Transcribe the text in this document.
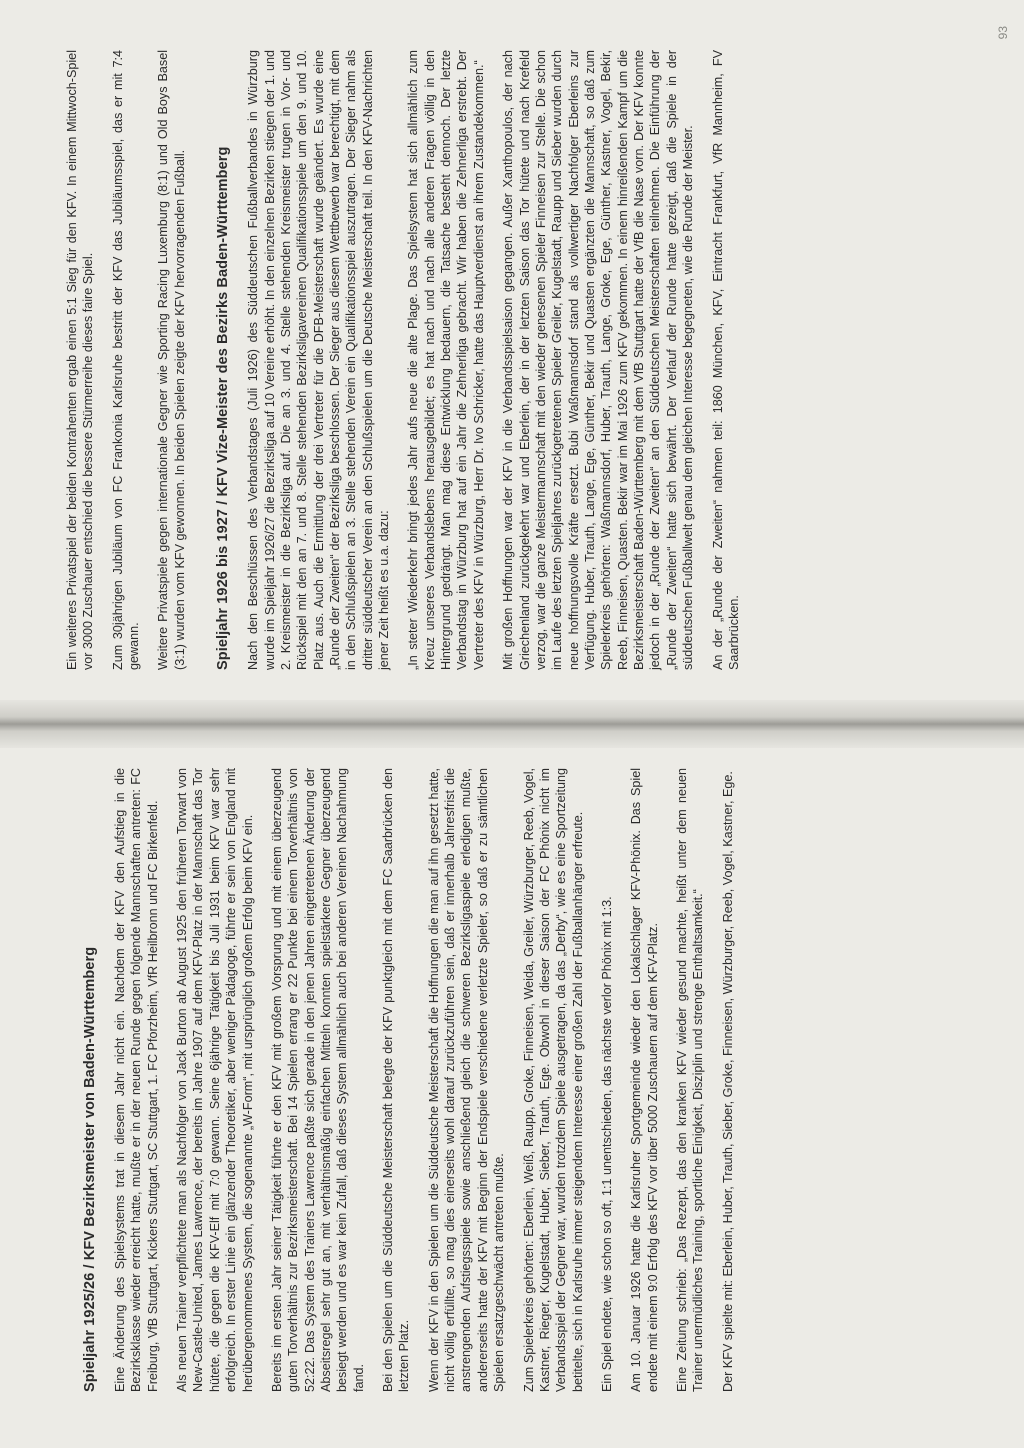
Spieljahr 1925/26 / KFV Bezirksmeister von Baden-Württemberg Eine Änderung des Spielsystems trat in diesem Jahr nicht ein. Nachdem der KFV den Aufstieg in die Bezirksklasse wieder erreicht hatte, mußte er in der neuen Runde gegen folgende Mannschaften antreten: FC Freiburg, VfB Stuttgart, Kickers Stuttgart, SC Stuttgart, 1. FC Pforzheim, VfR Heilbronn und FC Birkenfeld. Als neuen Trainer verpflichtete man als Nachfolger von Jack Burton ab August 1925 den früheren Torwart von New-Castle-United, James Lawrence, der bereits im Jahre 1907 auf dem KFV-Platz in der Mannschaft das Tor hütete, die gegen die KFV-Elf mit 7:0 gewann. Seine 6jährige Tätigkeit bis Juli 1931 beim KFV war sehr erfolgreich. In erster Linie ein glänzender Theoretiker, aber weniger Pädagoge, führte er sein von England mit herübergenommenes System, die sogenannte „W-Form“, mit ursprünglich großem Erfolg beim KFV ein. Bereits im ersten Jahr seiner Tätigkeit führte er den KFV mit großem Vorsprung und mit einem überzeugend guten Torverhältnis zur Bezirksmeisterschaft. Bei 14 Spielen errang er 22 Punkte bei einem Torverhältnis von 52:22. Das System des Trainers Lawrence paßte sich gerade in den jenen Jahren eingetretenen Änderung der Abseitsregel sehr gut an, mit verhältnismäßig einfachen Mitteln konnten spielstärkere Gegner überzeugend besiegt werden und es war kein Zufall, daß dieses System allmählich auch bei anderen Vereinen Nachahmung fand. Bei den Spielen um die Süddeutsche Meisterschaft belegte der KFV punktgleich mit dem FC Saarbrücken den letzten Platz. Wenn der KFV in den Spielen um die Süddeutsche Meisterschaft die Hoffnungen die man auf ihn gesetzt hatte, nicht völlig erfüllte, so mag dies einerseits wohl darauf zurückzuführen sein, daß er innerhalb Jahresfrist die anstrengenden Aufstiegsspiele sowie anschließend gleich die schweren Bezirksligaspiele erledigen mußte, andererseits hatte der KFV mit Beginn der Endspiele verschiedene verletzte Spieler, so daß er zu sämtlichen Spielen ersatzgeschwächt antreten mußte. Zum Spielerkreis gehörten: Eberlein, Weiß, Raupp, Groke, Finneisen, Weida, Greiler, Würzburger, Reeb, Vogel, Kastner, Rieger, Kugelstadt, Huber, Sieber, Trauth, Ege. Obwohl in dieser Saison der FC Phönix nicht im Verbandsspiel der Gegner war, wurden trotzdem Spiele ausgetragen, da das „Derby“, wie es eine Sportzeitung betitelte, sich in Karlsruhe immer steigendem Interesse einer großen Zahl der Fußballanhänger erfreute. Ein Spiel endete, wie schon so oft, 1:1 unentschieden, das nächste verlor Phönix mit 1:3. Am 10. Januar 1926 hatte die Karlsruher Sportgemeinde wieder den Lokalschlager KFV-Phönix. Das Spiel endete mit einem 9:0 Erfolg des KFV vor über 5000 Zuschauern auf dem KFV-Platz. Eine Zeitung schrieb: „Das Rezept, das den kranken KFV wieder gesund machte, heißt unter dem neuen Trainer unermüdliches Training, sportliche Einigkeit, Disziplin und strenge Enthaltsamkeit.“ Der KFV spielte mit: Eberlein, Huber, Trauth, Sieber, Groke, Finneisen, Würzburger, Reeb, Vogel, Kastner, Ege.

Ein weiteres Privatspiel der beiden Kontrahenten ergab einen 5:1 Sieg für den KFV. In einem Mittwoch-Spiel vor 3000 Zuschauer entschied die bessere Stürmerreihe dieses faire Spiel. Zum 30jährigen Jubiläum von FC Frankonia Karlsruhe bestritt der KFV das Jubiläumsspiel, das er mit 7:4 gewann. Weitere Privatspiele gegen internationale Gegner wie Sporting Racing Luxemburg (8:1) und Old Boys Basel (3:1) wurden vom KFV gewonnen. In beiden Spielen zeigte der KFV hervorragenden Fußball. Spieljahr 1926 bis 1927 / KFV Vize-Meister des Bezirks Baden-Württemberg Nach den Beschlüssen des Verbandstages (Juli 1926) des Süddeutschen Fußballverbandes in Würzburg wurde im Spieljahr 1926/27 die Bezirksliga auf 10 Vereine erhöht. In den einzelnen Bezirken stiegen der 1. und 2. Kreismeister in die Bezirksliga auf. Die an 3. und 4. Stelle stehenden Kreismeister trugen in Vor- und Rückspiel mit den an 7. und 8. Stelle stehenden Bezirksligavereinen Qualifikationsspiele um den 9. und 10. Platz aus. Auch die Ermittlung der drei Vertreter für die DFB-Meisterschaft wurde geändert. Es wurde eine „Runde der Zweiten“ der Bezirksliga beschlossen. Der Sieger aus diesem Wettbewerb war berechtigt, mit dem in den Schlußspielen an 3. Stelle stehenden Verein ein Qualifikationsspiel auszutragen. Der Sieger nahm als dritter süddeutscher Verein an den Schlußspielen um die Deutsche Meisterschaft teil. In den KFV-Nachrichten jener Zeit heißt es u.a. dazu: „In steter Wiederkehr bringt jedes Jahr aufs neue die alte Plage. Das Spielsystem hat sich allmählich zum Kreuz unseres Verbandslebens herausgebildet; es hat nach und nach alle anderen Fragen völlig in den Hintergrund gedrängt. Man mag diese Entwicklung bedauern, die Tatsache besteht dennoch. Der letzte Verbandstag in Würzburg hat auf ein Jahr die Zehnerliga gebracht. Wir haben die Zehnerliga erstrebt. Der Vertreter des KFV in Würzburg, Herr Dr. Ivo Schricker, hatte das Hauptverdienst an ihrem Zustandekommen.“ Mit großen Hoffnungen war der KFV in die Verbandsspielsaison gegangen. Außer Xanthopoulos, der nach Griechenland zurückgekehrt war und Eberlein, der in der letzten Saison das Tor hütete und nach Krefeld verzog, war die ganze Meistermannschaft mit den wieder genesenen Spieler Finneisen zur Stelle. Die schon im Laufe des letzten Spieljahres zurückgetretenen Spieler Greiler, Kugelstadt, Raupp und Sieber wurden durch neue hoffnungsvolle Kräfte ersetzt. Bubi Waßmannsdorf stand als vollwertiger Nachfolger Eberleins zur Verfügung. Huber, Trauth, Lange, Ege, Günther, Bekir und Quasten ergänzten die Mannschaft, so daß zum Spielerkreis gehörten: Waßmannsdorf, Huber, Trauth, Lange, Groke, Ege, Günther, Kastner, Vogel, Bekir, Reeb, Finneisen, Quasten. Bekir war im Mai 1926 zum KFV gekommen. In einem hinreißenden Kampf um die Bezirksmeisterschaft Baden-Württemberg mit dem VfB Stuttgart hatte der VfB die Nase vorn. Der KFV konnte jedoch in der „Runde der Zweiten“ an den Süddeutschen Meisterschaften teilnehmen. Die Einführung der „Runde der Zweiten“ hatte sich bewährt. Der Verlauf der Runde hatte gezeigt, daß die Spiele in der süddeutschen Fußballwelt genau dem gleichen Interesse begegneten, wie die Runde der Meister. An der „Runde der Zweiten“ nahmen teil: 1860 München, KFV, Eintracht Frankfurt, VfR Mannheim, FV Saarbrücken.

93
